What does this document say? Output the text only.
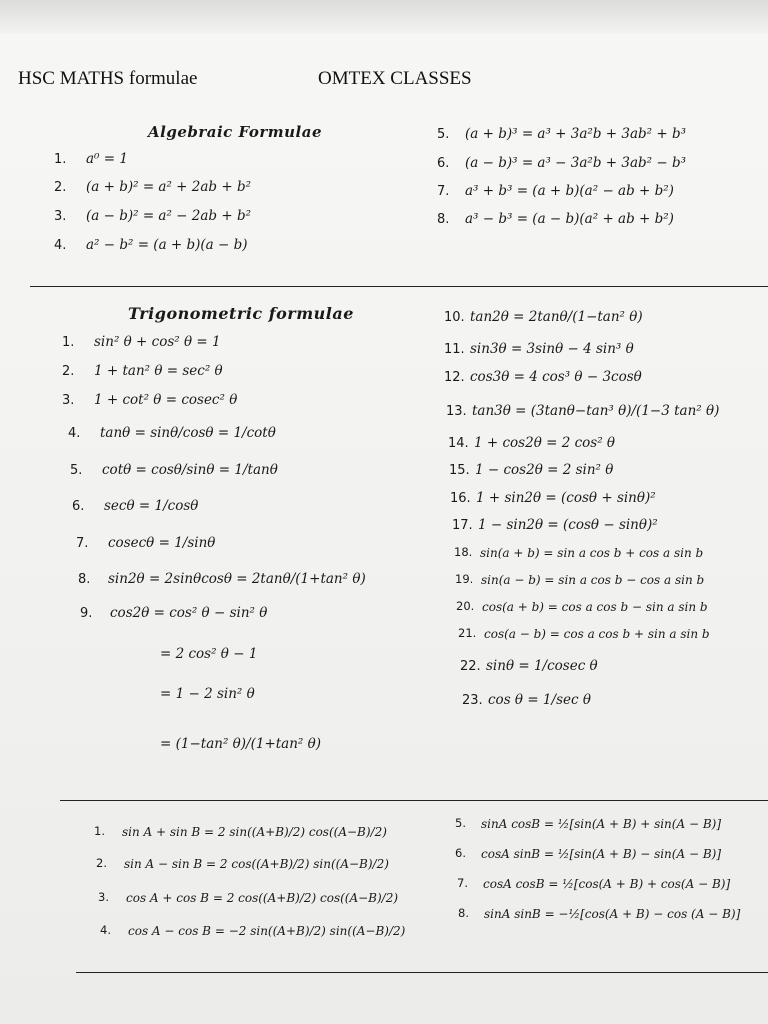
HSC MATHS formulae	OMTEX CLASSES
Algebraic Formulae
1.	a⁰ = 1
2.	(a + b)² = a² + 2ab + b²
3.	(a − b)² = a² − 2ab + b²
4.	a² − b² = (a + b)(a − b)
5.	(a + b)³ = a³ + 3a²b + 3ab² + b³
6.	(a − b)³ = a³ − 3a²b + 3ab² − b³
7.	a³ + b³ = (a + b)(a² − ab + b²)
8.	a³ − b³ = (a − b)(a² + ab + b²)
Trigonometric formulae
1.	sin² θ + cos² θ = 1
2.	1 + tan² θ = sec² θ
3.	1 + cot² θ = cosec² θ
4.	tanθ = sinθ/cosθ = 1/cotθ
5.	cotθ = cosθ/sinθ = 1/tanθ
6.	secθ = 1/cosθ
7.	cosecθ = 1/sinθ
8.	sin2θ = 2sinθcosθ = 2tanθ/(1+tan² θ)
9.	cos2θ = cos² θ − sin² θ
= 2 cos² θ − 1
= 1 − 2 sin² θ
= (1−tan² θ)/(1+tan² θ)
10. tan2θ = 2tanθ/(1−tan² θ)
11. sin3θ = 3sinθ − 4 sin³ θ
12. cos3θ = 4 cos³ θ − 3cosθ
13. tan3θ = (3tanθ−tan³ θ)/(1−3 tan² θ)
14. 1 + cos2θ = 2 cos² θ
15. 1 − cos2θ = 2 sin² θ
16. 1 + sin2θ = (cosθ + sinθ)²
17. 1 − sin2θ = (cosθ − sinθ)²
18. sin(a + b) = sin a cos b + cos a sin b
19. sin(a − b) = sin a cos b − cos a sin b
20. cos(a + b) = cos a cos b − sin a sin b
21. cos(a − b) = cos a cos b + sin a sin b
22. sinθ = 1/cosec θ
23. cos θ = 1/sec θ
1.	sin A + sin B = 2 sin((A+B)/2) cos((A−B)/2)
2.	sin A − sin B = 2 cos((A+B)/2) sin((A−B)/2)
3.	cos A + cos B = 2 cos((A+B)/2) cos((A−B)/2)
4.	cos A − cos B = −2 sin((A+B)/2) sin((A−B)/2)
5.	sinA cosB = ½[sin(A + B) + sin(A − B)]
6.	cosA sinB = ½[sin(A + B) − sin(A − B)]
7.	cosA cosB = ½[cos(A + B) + cos(A − B)]
8.	sinA sinB = −½[cos(A + B) − cos (A − B)]
